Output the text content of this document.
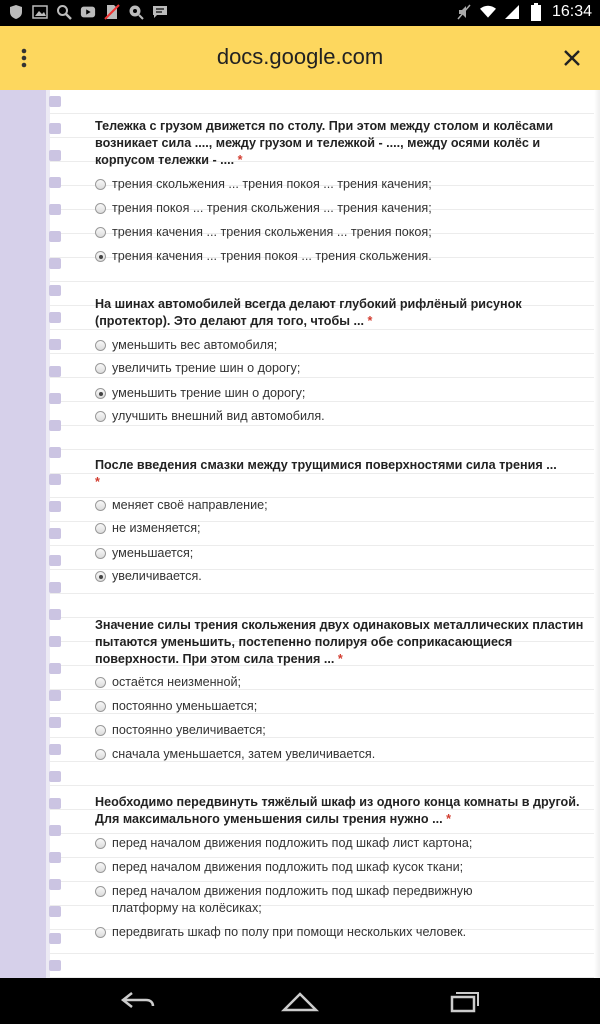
16:34
docs.google.com
Тележка с грузом движется по столу. При этом между столом и колёсами возникает сила ...., между грузом и тележкой - ...., между осями колёс и корпусом тележки - .... *
трения скольжения ... трения покоя ... трения качения;
трения покоя ... трения скольжения ... трения качения;
трения качения ... трения скольжения ... трения покоя;
трения качения ... трения покоя ... трения скольжения.
На шинах автомобилей всегда делают глубокий рифлёный рисунок (протектор). Это делают для того, чтобы ... *
уменьшить вес автомобиля;
увеличить трение шин о дорогу;
уменьшить трение шин о дорогу;
улучшить внешний вид автомобиля.
После введения смазки между трущимися поверхностями сила трения ...
*
меняет своё направление;
не изменяется;
уменьшается;
увеличивается.
Значение силы трения скольжения двух одинаковых металлических пластин пытаются уменьшить, постепенно полируя обе соприкасающиеся поверхности. При этом сила трения ... *
остаётся неизменной;
постоянно уменьшается;
постоянно увеличивается;
сначала уменьшается, затем увеличивается.
Необходимо передвинуть тяжёлый шкаф из одного конца комнаты в другой. Для максимального уменьшения силы трения нужно ... *
перед началом движения подложить под шкаф лист картона;
перед началом движения подложить под шкаф кусок ткани;
перед началом движения подложить под шкаф передвижную платформу на колёсиках;
передвигать шкаф по полу при помощи нескольких человек.
